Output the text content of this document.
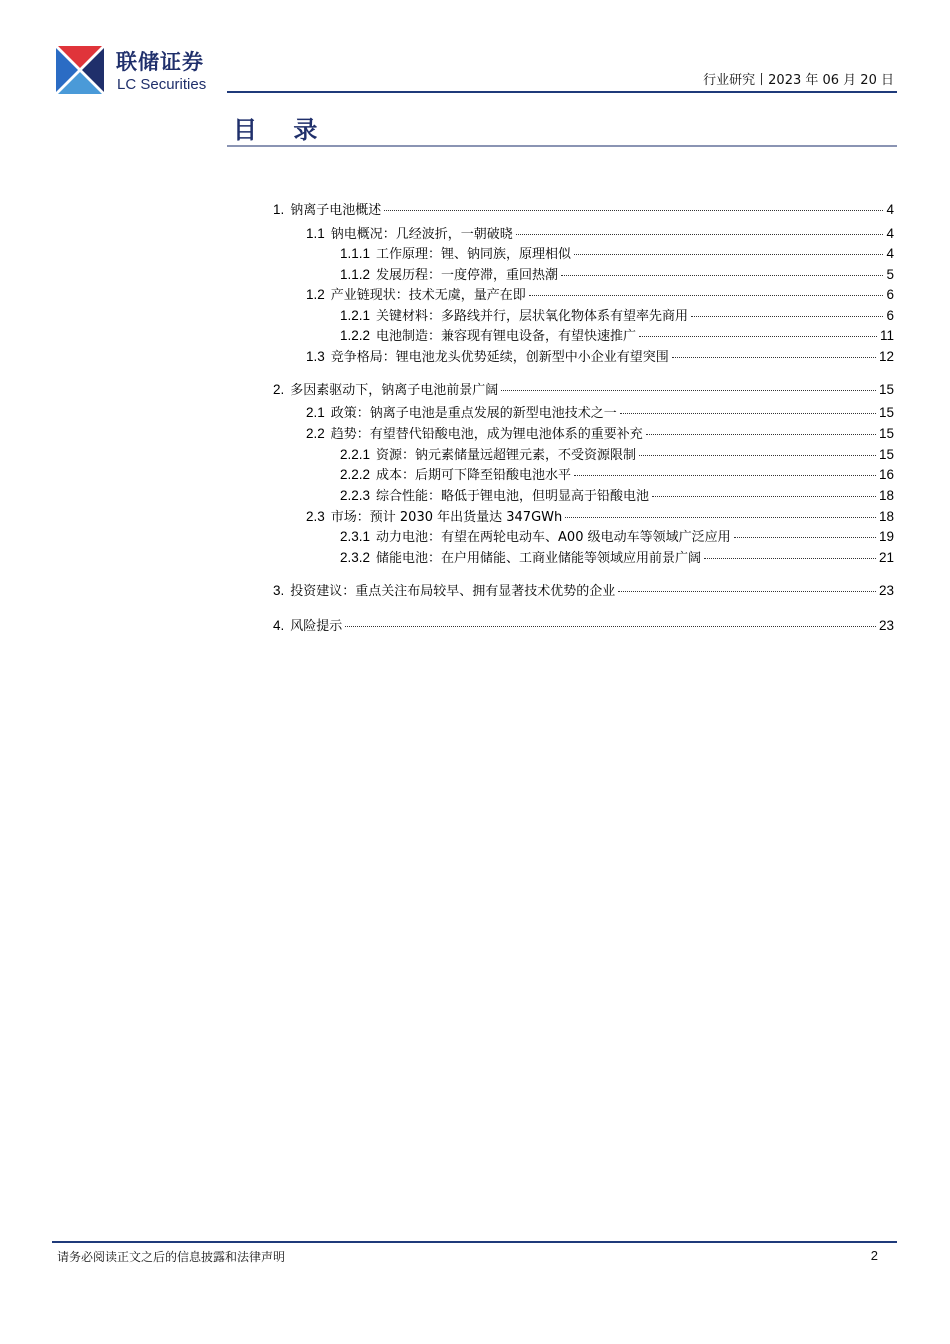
联储证券
LC Securities	行业研究丨2023 年 06 月 20 日
目 录
1. 钠离子电池概述	4
1.1 钠电概况：几经波折，一朝破晓	4
1.1.1 工作原理：锂、钠同族，原理相似	4
1.1.2 发展历程：一度停滞，重回热潮	5
1.2 产业链现状：技术无虞，量产在即	6
1.2.1 关键材料：多路线并行，层状氧化物体系有望率先商用	6
1.2.2 电池制造：兼容现有锂电设备，有望快速推广	11
1.3 竞争格局：锂电池龙头优势延续，创新型中小企业有望突围	12
2. 多因素驱动下，钠离子电池前景广阔	15
2.1 政策：钠离子电池是重点发展的新型电池技术之一	15
2.2 趋势：有望替代铅酸电池，成为锂电池体系的重要补充	15
2.2.1 资源：钠元素储量远超锂元素，不受资源限制	15
2.2.2 成本：后期可下降至铅酸电池水平	16
2.2.3 综合性能：略低于锂电池，但明显高于铅酸电池	18
2.3 市场：预计 2030 年出货量达 347GWh	18
2.3.1 动力电池：有望在两轮电动车、A00 级电动车等领域广泛应用	19
2.3.2 储能电池：在户用储能、工商业储能等领域应用前景广阔	21
3. 投资建议：重点关注布局较早、拥有显著技术优势的企业	23
4. 风险提示	23
请务必阅读正文之后的信息披露和法律声明	2
